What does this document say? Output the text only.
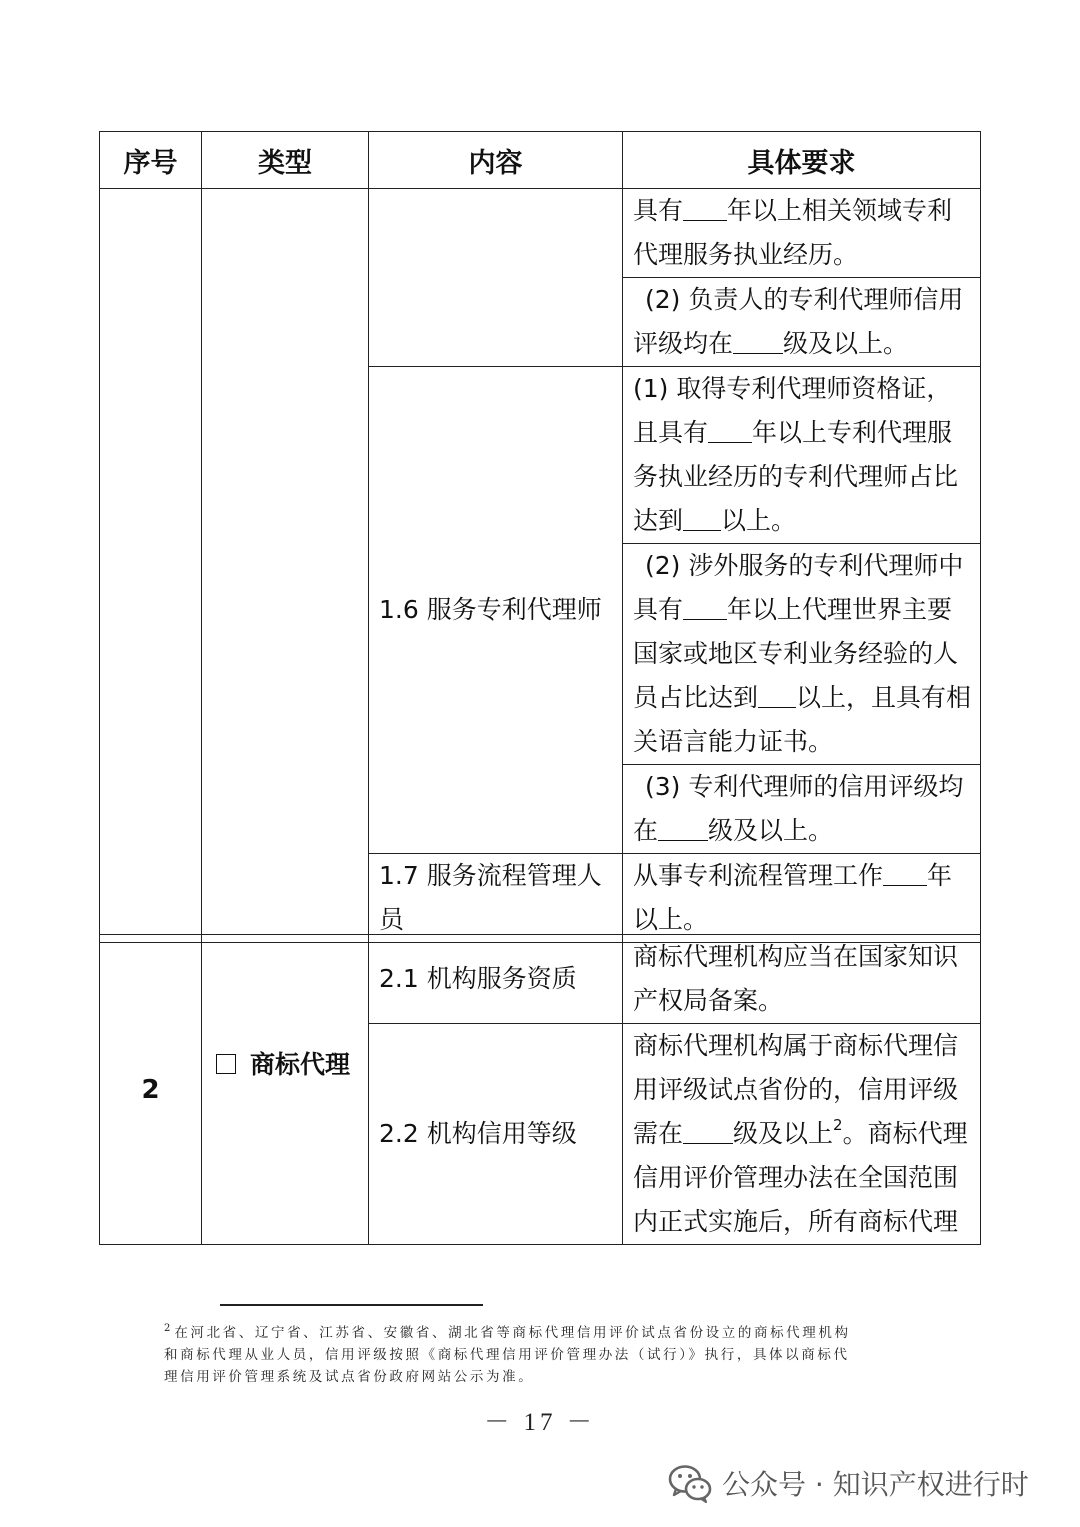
序号	类型	内容	具体要求

			具有 年以上相关领域专利
代理服务执业经历。

			(2) 负责人的专利代理师信用
评级均在 级及以上。

		1.6 服务专利代理师	(1) 取得专利代理师资格证，
且具有 年以上专利代理服
务执业经历的专利代理师占比
达到 以上。

			(2) 涉外服务的专利代理师中
具有 年以上代理世界主要
国家或地区专利业务经验的人
员占比达到 以上，且具有相
关语言能力证书。

			(3) 专利代理师的信用评级均
在 级及以上。

		1.7 服务流程管理人
员	从事专利流程管理工作 年
以上。

2	商标代理	2.1 机构服务资质	商标代理机构应当在国家知识
产权局备案。

		2.2 机构信用等级	商标代理机构属于商标代理信
用评级试点省份的，信用评级
需在 级及以上$^2$。商标代理
信用评价管理办法在全国范围
内正式实施后，所有商标代理
$^2$ 在河北省、辽宁省、江苏省、安徽省、湖北省等商标代理信用评价试点省份设立的商标代理机构
和商标代理从业人员，信用评级按照《商标代理信用评价管理办法（试行）》执行，具体以商标代
理信用评价管理系统及试点省份政府网站公示为准。
－ 17 －
公众号 · 知识产权进行时
